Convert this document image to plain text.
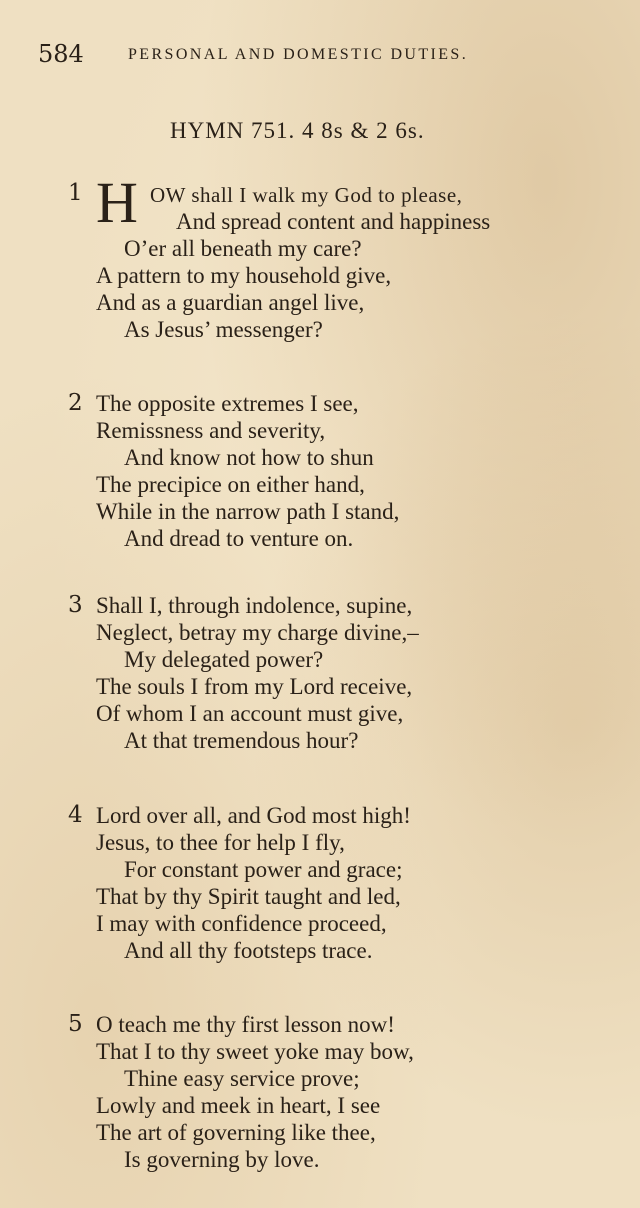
584	PERSONAL AND DOMESTIC DUTIES.
HYMN 751. 4 8s & 2 6s.
1 H OW shall I walk my God to please,
And spread content and happiness
O’er all beneath my care?
A pattern to my household give,
And as a guardian angel live,
As Jesus’ messenger?
2 The opposite extremes I see,
Remissness and severity,
And know not how to shun
The precipice on either hand,
While in the narrow path I stand,
And dread to venture on.
3 Shall I, through indolence, supine,
Neglect, betray my charge divine,–
My delegated power?
The souls I from my Lord receive,
Of whom I an account must give,
At that tremendous hour?
4 Lord over all, and God most high!
Jesus, to thee for help I fly,
For constant power and grace;
That by thy Spirit taught and led,
I may with confidence proceed,
And all thy footsteps trace.
5 O teach me thy first lesson now!
That I to thy sweet yoke may bow,
Thine easy service prove;
Lowly and meek in heart, I see
The art of governing like thee,
Is governing by love.
